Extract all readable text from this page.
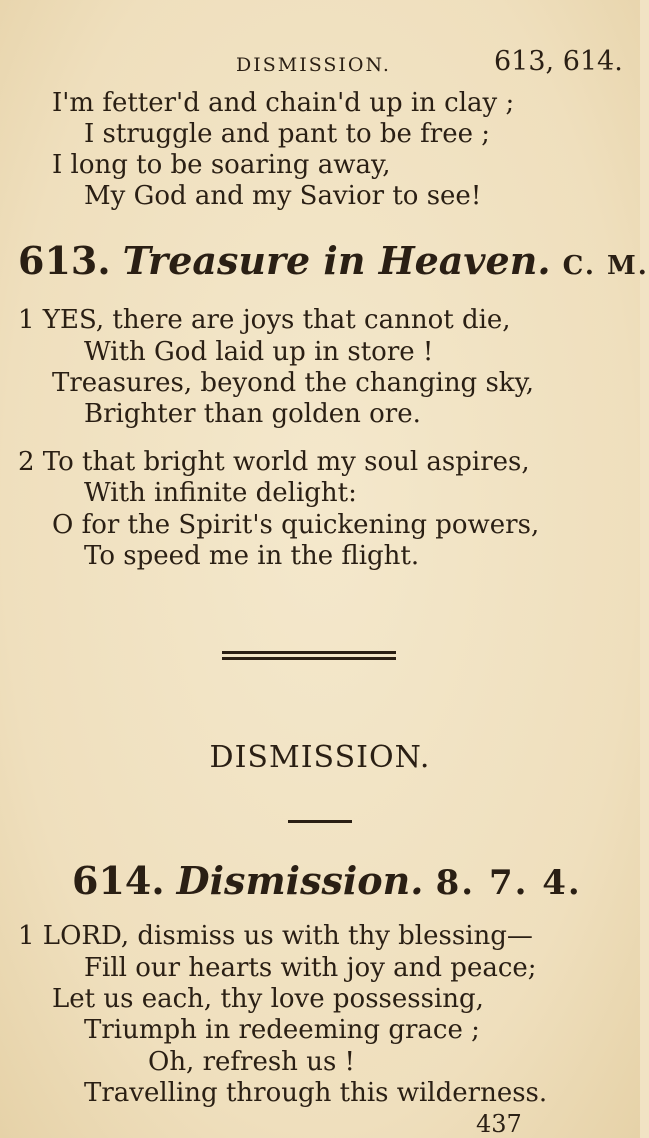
DISMISSION.	613, 614.
I'm fetter'd and chain'd up in clay ;
I struggle and pant to be free ;
I long to be soaring away,
My God and my Savior to see!
613. Treasure in Heaven. C. M.
1 YES, there are joys that cannot die,
With God laid up in store !
Treasures, beyond the changing sky,
Brighter than golden ore.
2 To that bright world my soul aspires,
With infinite delight:
O for the Spirit's quickening powers,
To speed me in the flight.
DISMISSION.
614. Dismission. 8. 7. 4.
1 LORD, dismiss us with thy blessing—
Fill our hearts with joy and peace;
Let us each, thy love possessing,
Triumph in redeeming grace ;
Oh, refresh us !
Travelling through this wilderness.
437
